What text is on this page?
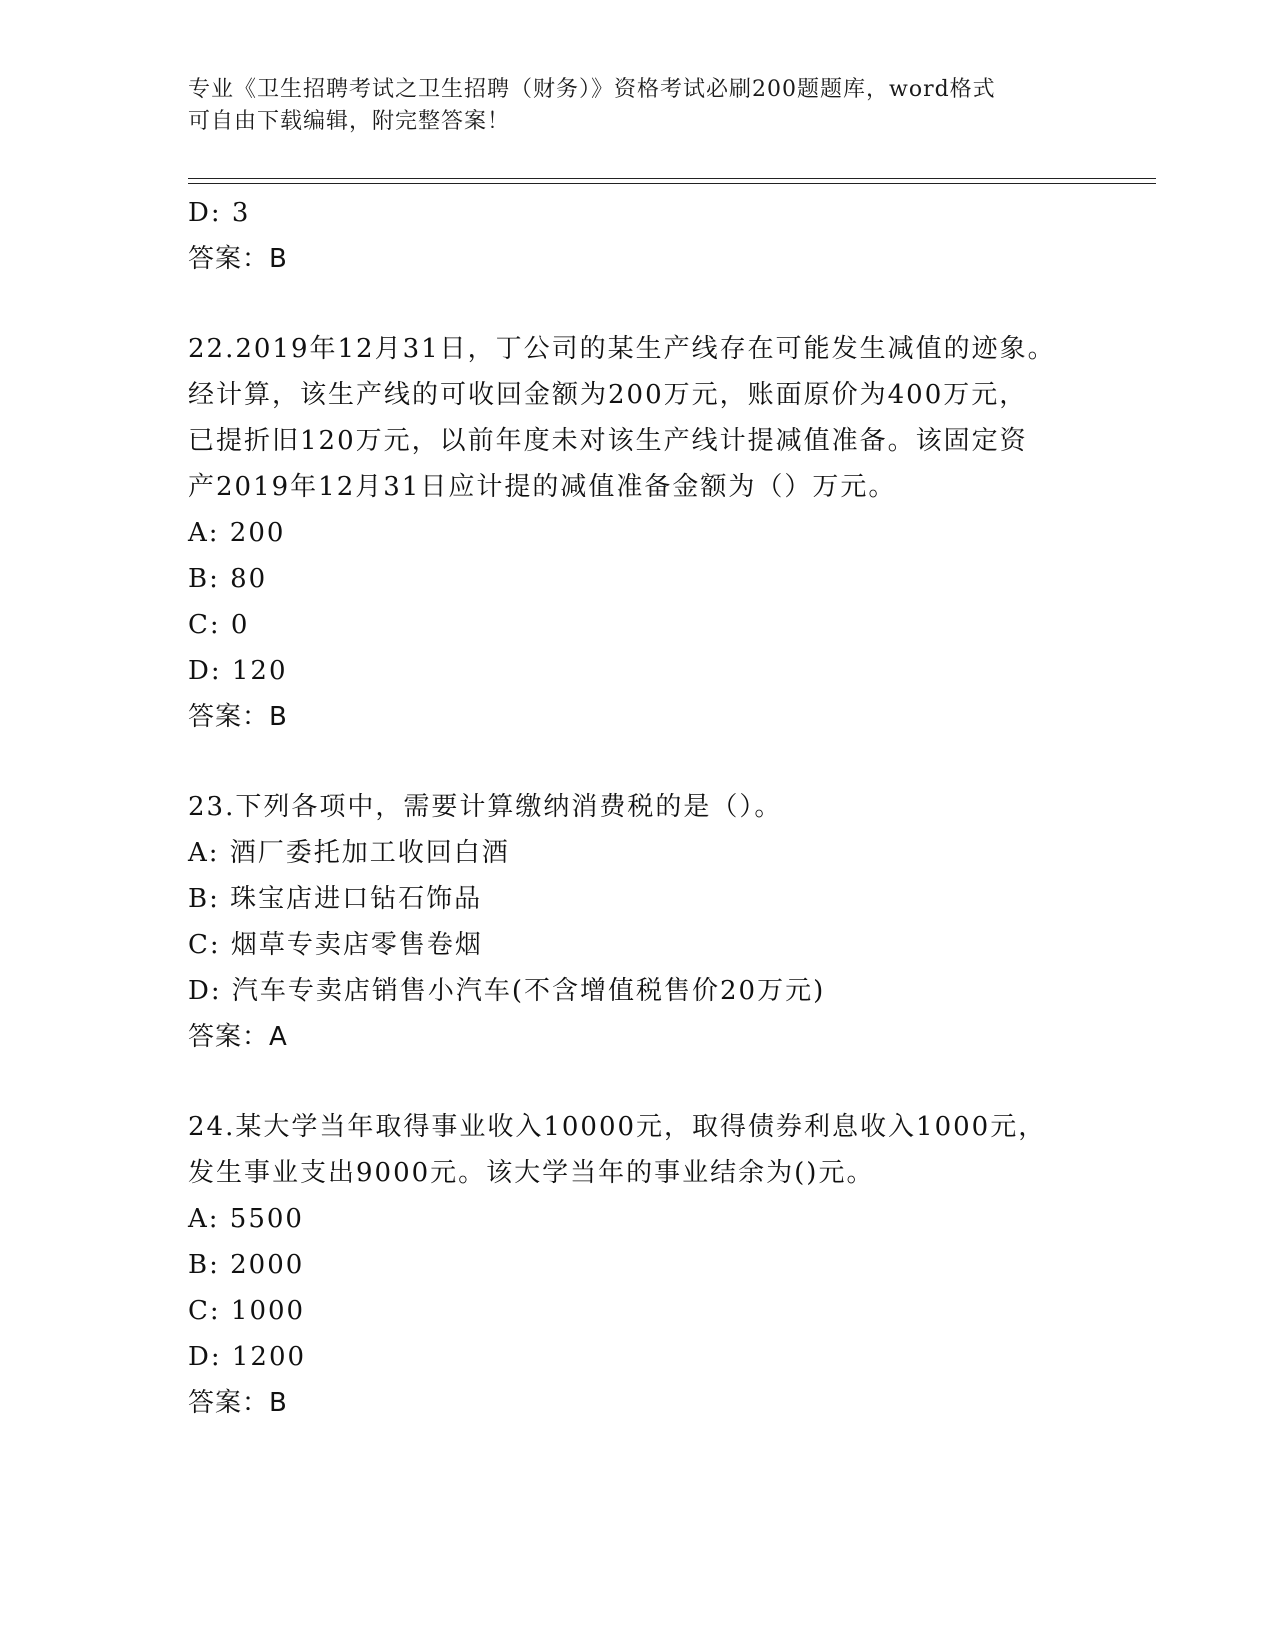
专业《卫生招聘考试之卫生招聘（财务）》资格考试必刷200题题库，word格式
可自由下载编辑，附完整答案！
D: 3
答案：B
22.2019年12月31日，丁公司的某生产线存在可能发生减值的迹象。
经计算，该生产线的可收回金额为200万元，账面原价为400万元，
已提折旧120万元，以前年度未对该生产线计提减值准备。该固定资
产2019年12月31日应计提的减值准备金额为（）万元。
A: 200
B: 80
C: 0
D: 120
答案：B
23.下列各项中，需要计算缴纳消费税的是（）。
A: 酒厂委托加工收回白酒
B: 珠宝店进口钻石饰品
C: 烟草专卖店零售卷烟
D: 汽车专卖店销售小汽车(不含增值税售价20万元)
答案：A
24.某大学当年取得事业收入10000元，取得债券利息收入1000元，
发生事业支出9000元。该大学当年的事业结余为()元。
A: 5500
B: 2000
C: 1000
D: 1200
答案：B
